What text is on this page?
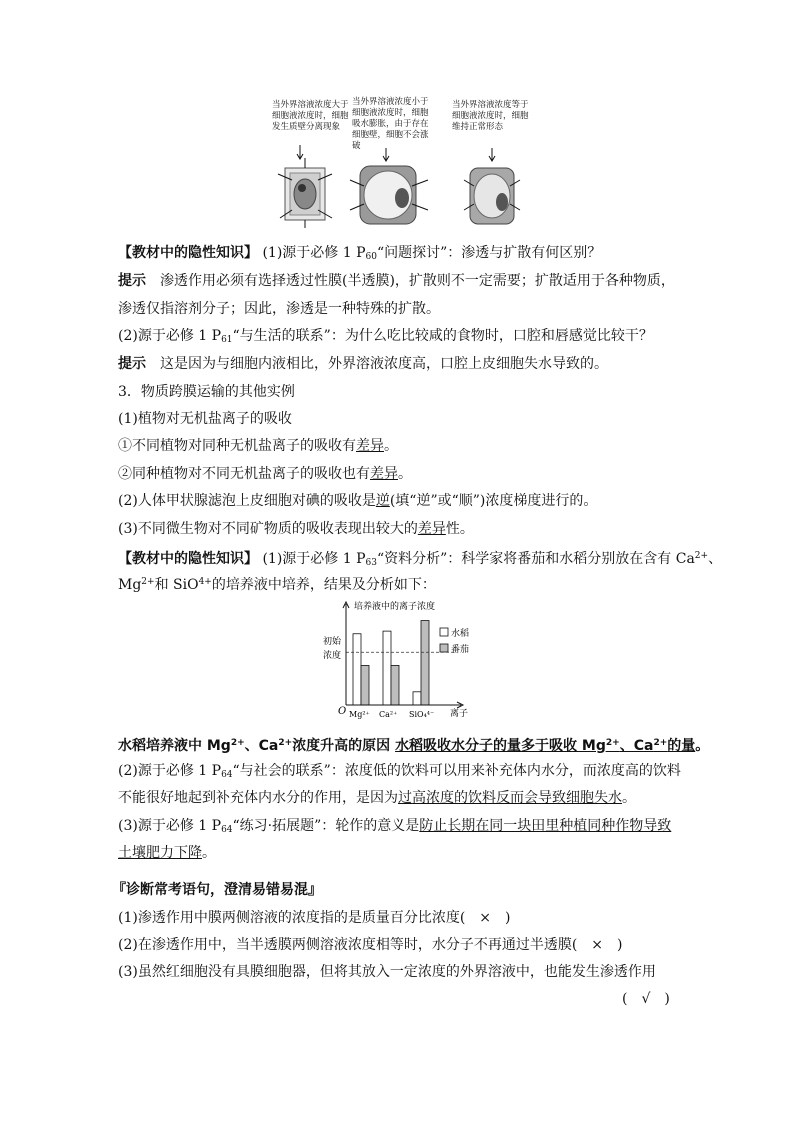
当外界溶液浓度大于细胞液浓度时，细胞发生质壁分离现象
当外界溶液浓度小于细胞液浓度时，细胞吸水膨胀，由于存在细胞壁，细胞不会涨破
当外界溶液浓度等于细胞液浓度时，细胞维持正常形态
【教材中的隐性知识】 (1)源于必修 1 $P_{60}“$问题探讨”：渗透与扩散有何区别？
提示　 渗透作用必须有选择透过性膜(半透膜)，扩散则不一定需要；扩散适用于各种物质，
渗透仅指溶剂分子；因此，渗透是一种特殊的扩散。
(2)源于必修 1 $P_{61}“$与生活的联系”：为什么吃比较咸的食物时，口腔和唇感觉比较干？
提示　 这是因为与细胞内液相比，外界溶液浓度高，口腔上皮细胞失水导致的。
3．物质跨膜运输的其他实例
(1)植物对无机盐离子的吸收
①不同植物对同种无机盐离子的吸收有差异。
②同种植物对不同无机盐离子的吸收也有差异。
(2)人体甲状腺滤泡上皮细胞对碘的吸收是逆(填“逆”或“顺”)浓度梯度进行的。
(3)不同微生物对不同矿物质的吸收表现出较大的差异性。
【教材中的隐性知识】 (1)源于必修 1 $P_{63}“$资料分析”：科学家将番茄和水稻分别放在含有 $Ca^{2+}$、
$Mg^{2+}$和 SiO$^{4+}$的培养液中培养，结果及分析如下：
培养液中的离子浓度
初始
浓度
O	离子
水稻
番茄
Mg²⁺ Ca²⁺ SiO₄⁴⁻
水稻培养液中 $Mg^{2+}$、$Ca^{2+}$浓度升高的原因 水稻吸收水分子的量多于吸收 $Mg^{2+}$、$Ca^{2+}$的量。
(2)源于必修 1 $P_{64}“$与社会的联系”：浓度低的饮料可以用来补充体内水分，而浓度高的饮料
不能很好地起到补充体内水分的作用，是因为过高浓度的饮料反而会导致细胞失水。
(3)源于必修 1 $P_{64}“$练习·拓展题”：轮作的意义是防止长期在同一块田里种植同种作物导致
土壤肥力下降。
『诊断常考语句，澄清易错易混』
(1)渗透作用中膜两侧溶液的浓度指的是质量百分比浓度(　 ×　 )
(2)在渗透作用中，当半透膜两侧溶液浓度相等时，水分子不再通过半透膜(　 ×　 )
(3)虽然红细胞没有具膜细胞器，但将其放入一定浓度的外界溶液中，也能发生渗透作用
(　√　)
